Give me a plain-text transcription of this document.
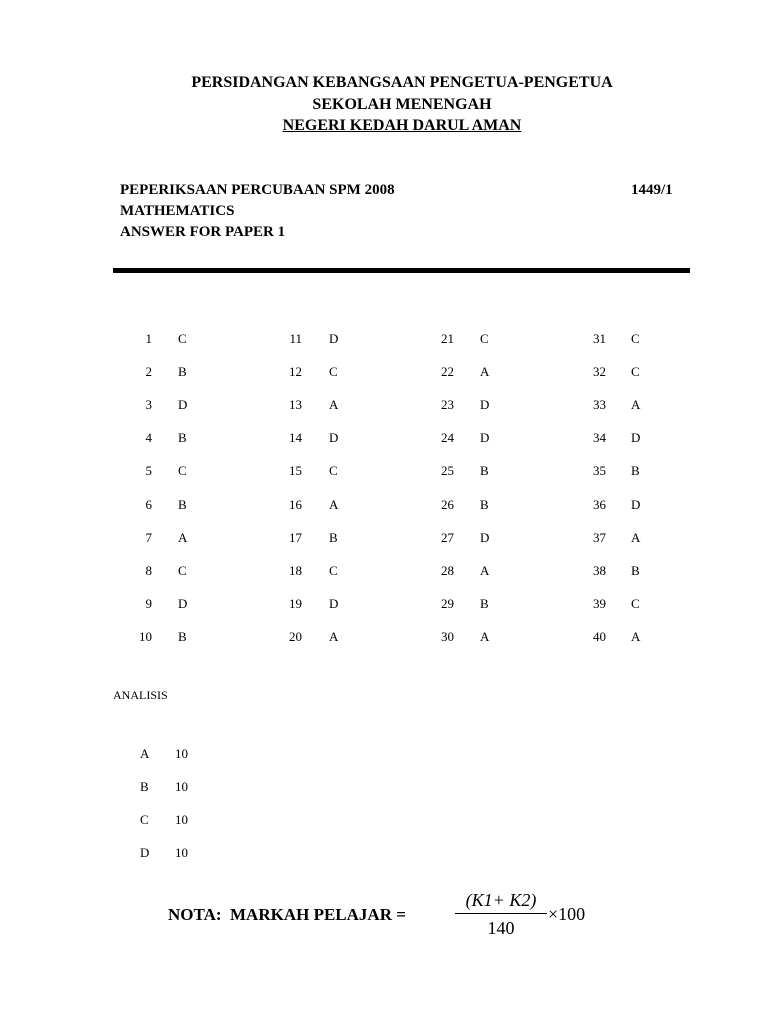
PERSIDANGAN KEBANGSAAN PENGETUA-PENGETUA
SEKOLAH MENENGAH
NEGERI KEDAH DARUL AMAN
PEPERIKSAAN PERCUBAAN SPM 2008
MATHEMATICS
ANSWER FOR PAPER 1
1449/1
1 C
2 B
3 D
4 B
5 C
6 B
7 A
8 C
9 D
10 B
11 D
12 C
13 A
14 D
15 C
16 A
17 B
18 C
19 D
20 A
21 C
22 A
23 D
24 D
25 B
26 B
27 D
28 A
29 B
30 A
31 C
32 C
33 A
34 D
35 B
36 D
37 A
38 B
39 C
40 A
ANALISIS
A	10
B	10
C	10
D	10
NOTA:  MARKAH PELAJAR =
(K1+ K2)
140
×100
